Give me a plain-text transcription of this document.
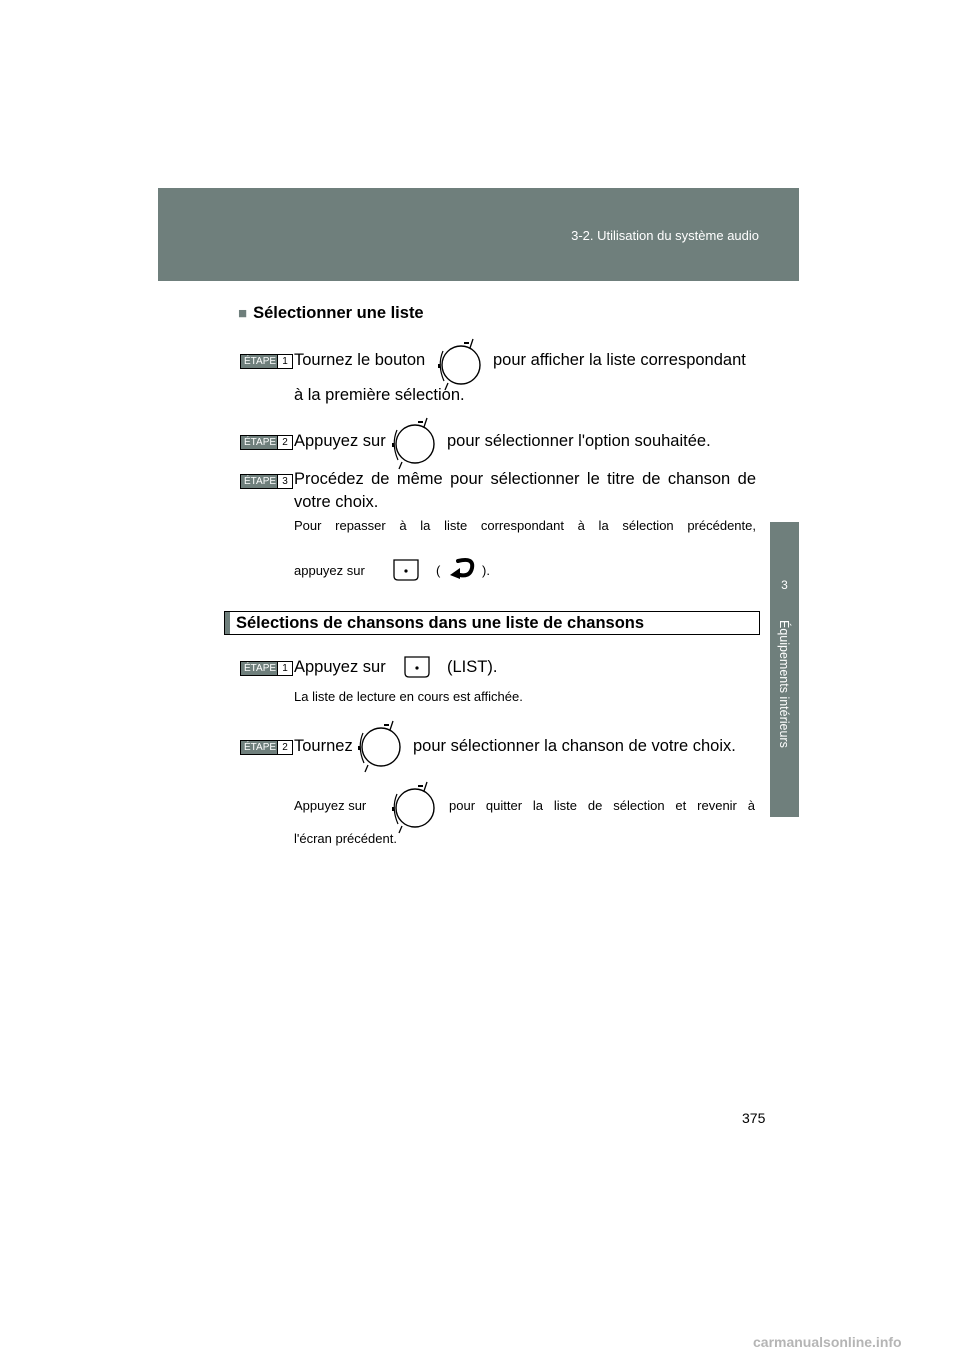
3-2. Utilisation du système audio
3
Équipements intérieurs
■ Sélectionner une liste
ÉTAPE 1 Tournez le bouton	pour afficher la liste correspondant
à la première sélection.
ÉTAPE 2 Appuyez sur	pour sélectionner l'option souhaitée.
ÉTAPE 3 Procédez de même pour sélectionner le titre de chanson de
votre choix.
Pour repasser à la liste correspondant à la sélection précédente,
appuyez sur	(	).
Sélections de chansons dans une liste de chansons
ÉTAPE 1 Appuyez sur	(LIST).
La liste de lecture en cours est affichée.
ÉTAPE 2 Tournez	pour sélectionner la chanson de votre choix.
Appuyez sur	pour quitter la liste de sélection et revenir à
l'écran précédent.
375
carmanualsonline.info
